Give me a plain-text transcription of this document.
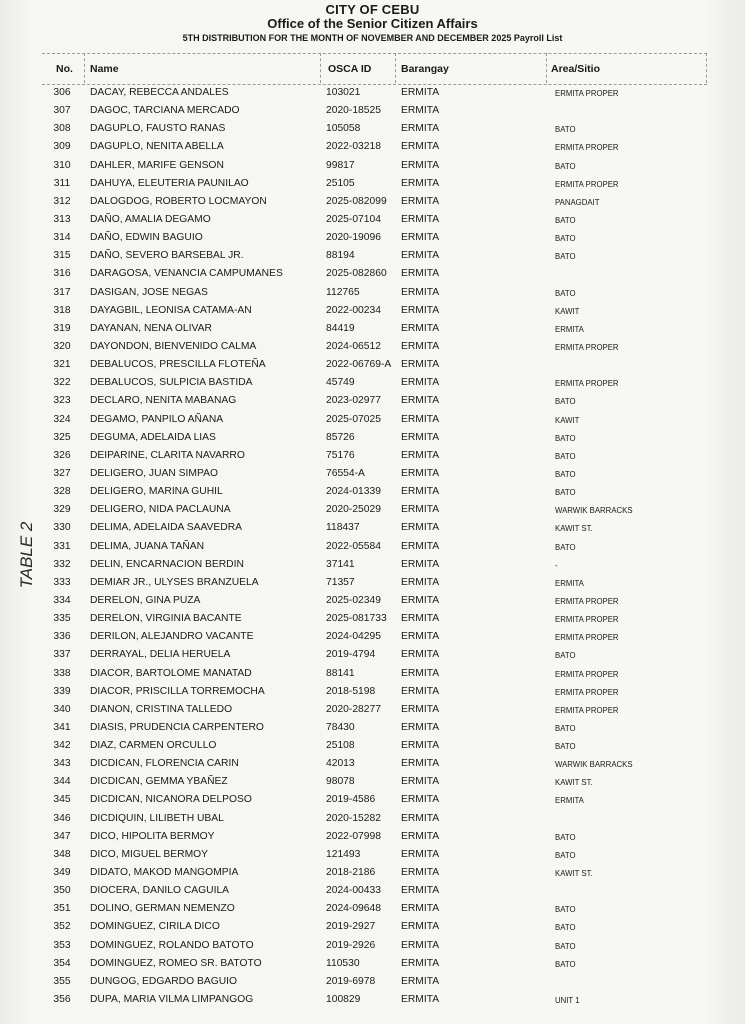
CITY OF CEBU
Office of the Senior Citizen Affairs
5TH DISTRIBUTION FOR THE MONTH OF NOVEMBER AND DECEMBER 2025 Payroll List
No. Name	OSCA ID	Barangay	Area/Sitio
306	DACAY, REBECCA ANDALES	103021	ERMITA	ERMITA PROPER
307	DAGOC, TARCIANA MERCADO	2020-18525 ERMITA
308	DAGUPLO, FAUSTO RANAS	105058	ERMITA	BATO
309	DAGUPLO, NENITA ABELLA	2022-03218 ERMITA	ERMITA PROPER
310	DAHLER, MARIFE GENSON	99817	ERMITA	BATO
311	DAHUYA, ELEUTERIA PAUNILAO	25105	ERMITA	ERMITA PROPER
312	DALOGDOG, ROBERTO LOCMAYON	2025-082099 ERMITA	PANAGDAIT
313	DAÑO, AMALIA DEGAMO	2025-07104 ERMITA	BATO
314	DAÑO, EDWIN BAGUIO	2020-19096 ERMITA	BATO
315	DAÑO, SEVERO BARSEBAL JR.	88194	ERMITA	BATO
316	DARAGOSA, VENANCIA CAMPUMANES	2025-082860 ERMITA
317	DASIGAN, JOSE NEGAS	112765	ERMITA	BATO
318	DAYAGBIL, LEONISA CATAMA-AN	2022-00234 ERMITA	KAWIT
319	DAYANAN, NENA OLIVAR	84419	ERMITA	ERMITA
320	DAYONDON, BIENVENIDO CALMA	2024-06512 ERMITA	ERMITA PROPER
321	DEBALUCOS, PRESCILLA FLOTEÑA	2022-06769-A ERMITA
322	DEBALUCOS, SULPICIA BASTIDA	45749	ERMITA	ERMITA PROPER
323	DECLARO, NENITA MABANAG	2023-02977 ERMITA	BATO
324	DEGAMO, PANPILO AÑANA	2025-07025 ERMITA	KAWIT
325	DEGUMA, ADELAIDA LIAS	85726	ERMITA	BATO
326	DEIPARINE, CLARITA NAVARRO	75176	ERMITA	BATO
327	DELIGERO, JUAN SIMPAO	76554-A	ERMITA	BATO
328	DELIGERO, MARINA GUHIL	2024-01339 ERMITA	BATO
329	DELIGERO, NIDA PACLAUNA	2020-25029 ERMITA	WARWIK BARRACKS
330	DELIMA, ADELAIDA SAAVEDRA	118437	ERMITA	KAWIT ST.
331	DELIMA, JUANA TAÑAN	2022-05584 ERMITA	BATO
332	DELIN, ENCARNACION BERDIN	37141	ERMITA	-
333	DEMIAR JR., ULYSES BRANZUELA	71357	ERMITA	ERMITA
334	DERELON, GINA PUZA	2025-02349 ERMITA	ERMITA PROPER
335	DERELON, VIRGINIA BACANTE	2025-081733 ERMITA	ERMITA PROPER
336	DERILON, ALEJANDRO VACANTE	2024-04295 ERMITA	ERMITA PROPER
337	DERRAYAL, DELIA HERUELA	2019-4794	ERMITA	BATO
338	DIACOR, BARTOLOME MANATAD	88141	ERMITA	ERMITA PROPER
339	DIACOR, PRISCILLA TORREMOCHA	2018-5198	ERMITA	ERMITA PROPER
340	DIANON, CRISTINA TALLEDO	2020-28277 ERMITA	ERMITA PROPER
341	DIASIS, PRUDENCIA CARPENTERO	78430	ERMITA	BATO
342	DIAZ, CARMEN ORCULLO	25108	ERMITA	BATO
343	DICDICAN, FLORENCIA CARIN	42013	ERMITA	WARWIK BARRACKS
344	DICDICAN, GEMMA YBAÑEZ	98078	ERMITA	KAWIT ST.
345	DICDICAN, NICANORA DELPOSO	2019-4586	ERMITA	ERMITA
346	DICDIQUIN, LILIBETH UBAL	2020-15282 ERMITA
347	DICO, HIPOLITA BERMOY	2022-07998 ERMITA	BATO
348	DICO, MIGUEL BERMOY	121493	ERMITA	BATO
349	DIDATO, MAKOD MANGOMPIA	2018-2186	ERMITA	KAWIT ST.
350	DIOCERA, DANILO CAGUILA	2024-00433 ERMITA
351	DOLINO, GERMAN NEMENZO	2024-09648 ERMITA	BATO
352	DOMINGUEZ, CIRILA DICO	2019-2927	ERMITA	BATO
353	DOMINGUEZ, ROLANDO BATOTO	2019-2926	ERMITA	BATO
354	DOMINGUEZ, ROMEO SR. BATOTO	110530	ERMITA	BATO
355	DUNGOG, EDGARDO BAGUIO	2019-6978	ERMITA
356	DUPA, MARIA VILMA LIMPANGOG	100829	ERMITA	UNIT 1
TABLE 2
